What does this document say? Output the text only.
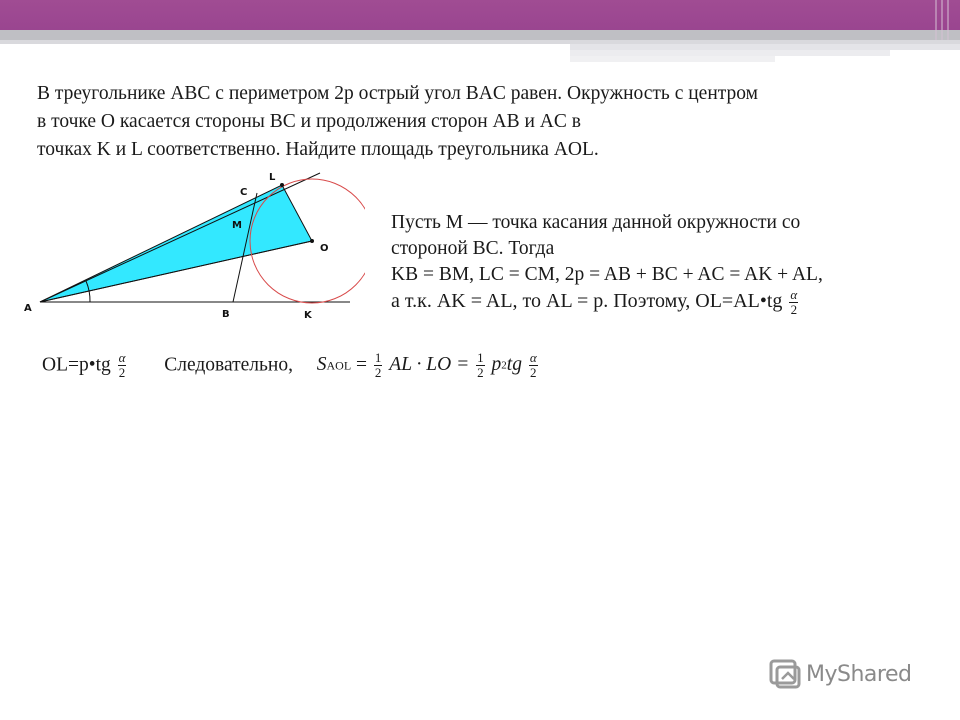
В треугольнике ABC с периметром 2p острый угол BAC равен. Окружность с центром

в точке O касается стороны BC и продолжения сторон AB и AC в

точках K и L соответственно. Найдите площадь треугольника AOL.

A
B
C
L
M
O
K

Пусть M — точка касания данной окружности со

стороной BC. Тогда

KB = BM, LC = CM, 2p = AB + BC + AC = AK + AL,

а т.к. AK = AL, то AL = p. Поэтому, OL=AL•tg $\frac{\alpha}{2}$

OL=p•tg $\frac{\alpha}{2}$ Следовательно, SAOL = $\frac{1}{2}$ AL · LO = $\frac{1}{2} p2tg \frac{\alpha}{2}$
MyShared
